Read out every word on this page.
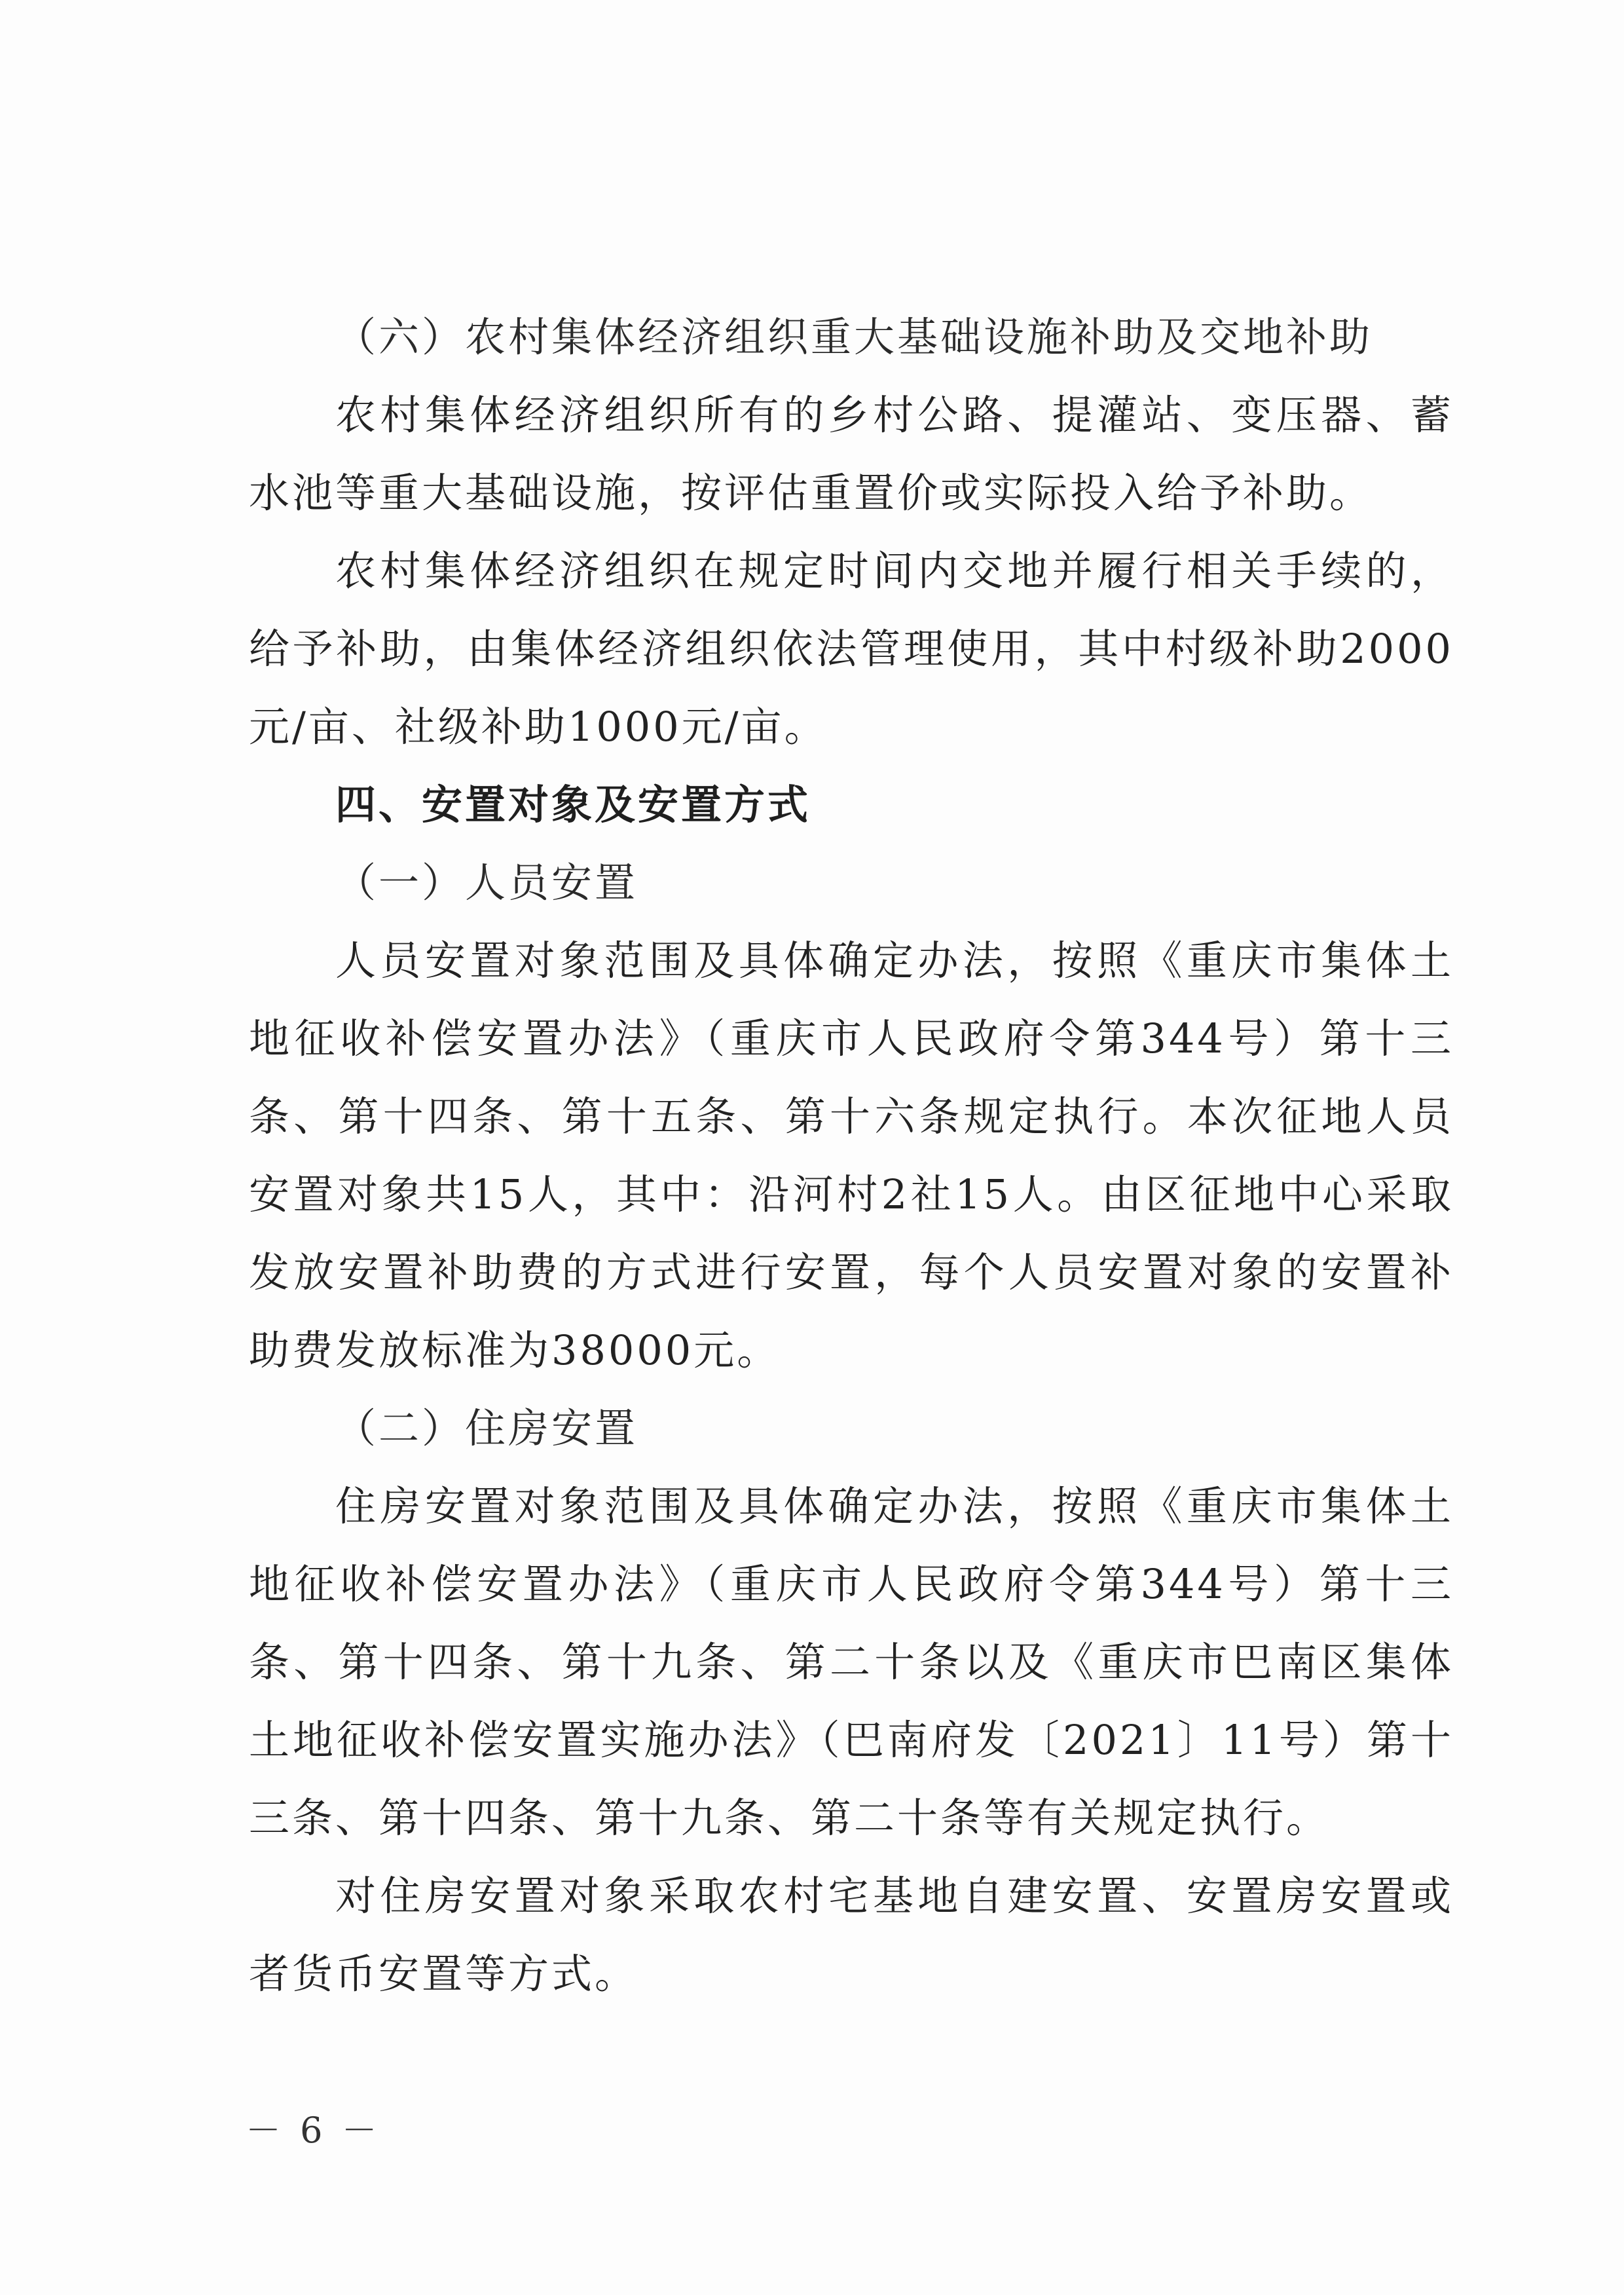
（六）农村集体经济组织重大基础设施补助及交地补助

农村集体经济组织所有的乡村公路、提灌站、变压器、蓄水池等重大基础设施，按评估重置价或实际投入给予补助。

农村集体经济组织在规定时间内交地并履行相关手续的，给予补助，由集体经济组织依法管理使用，其中村级补助2000元/亩、社级补助1000元/亩。

四、安置对象及安置方式

（一）人员安置

人员安置对象范围及具体确定办法，按照《重庆市集体土地征收补偿安置办法》（重庆市人民政府令第344号）第十三条、第十四条、第十五条、第十六条规定执行。本次征地人员安置对象共15人，其中：沿河村2社15人。由区征地中心采取发放安置补助费的方式进行安置，每个人员安置对象的安置补助费发放标准为38000元。

（二）住房安置

住房安置对象范围及具体确定办法，按照《重庆市集体土地征收补偿安置办法》（重庆市人民政府令第344号）第十三条、第十四条、第十九条、第二十条以及《重庆市巴南区集体土地征收补偿安置实施办法》（巴南府发〔2021〕11号）第十三条、第十四条、第十九条、第二十条等有关规定执行。

对住房安置对象采取农村宅基地自建安置、安置房安置或者货币安置等方式。

－ 6 －
